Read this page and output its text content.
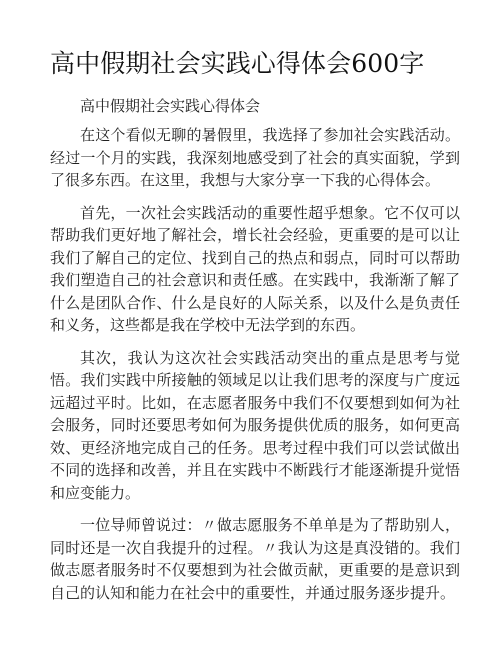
高中假期社会实践心得体会600字
高中假期社会实践心得体会

在这个看似无聊的暑假里，我选择了参加社会实践活动。经过一个月的实践，我深刻地感受到了社会的真实面貌，学到了很多东西。在这里，我想与大家分享一下我的心得体会。

首先，一次社会实践活动的重要性超乎想象。它不仅可以帮助我们更好地了解社会，增长社会经验，更重要的是可以让我们了解自己的定位、找到自己的热点和弱点，同时可以帮助我们塑造自己的社会意识和责任感。在实践中，我渐渐了解了什么是团队合作、什么是良好的人际关系，以及什么是负责任和义务，这些都是我在学校中无法学到的东西。

其次，我认为这次社会实践活动突出的重点是思考与觉悟。我们实践中所接触的领域足以让我们思考的深度与广度远远超过平时。比如，在志愿者服务中我们不仅要想到如何为社会服务，同时还要思考如何为服务提供优质的服务，如何更高效、更经济地完成自己的任务。思考过程中我们可以尝试做出不同的选择和改善，并且在实践中不断践行才能逐渐提升觉悟和应变能力。

一位导师曾说过：〃做志愿服务不单单是为了帮助别人，同时还是一次自我提升的过程。〃我认为这是真没错的。我们做志愿者服务时不仅要想到为社会做贡献，更重要的是意识到自己的认知和能力在社会中的重要性，并通过服务逐步提升。
